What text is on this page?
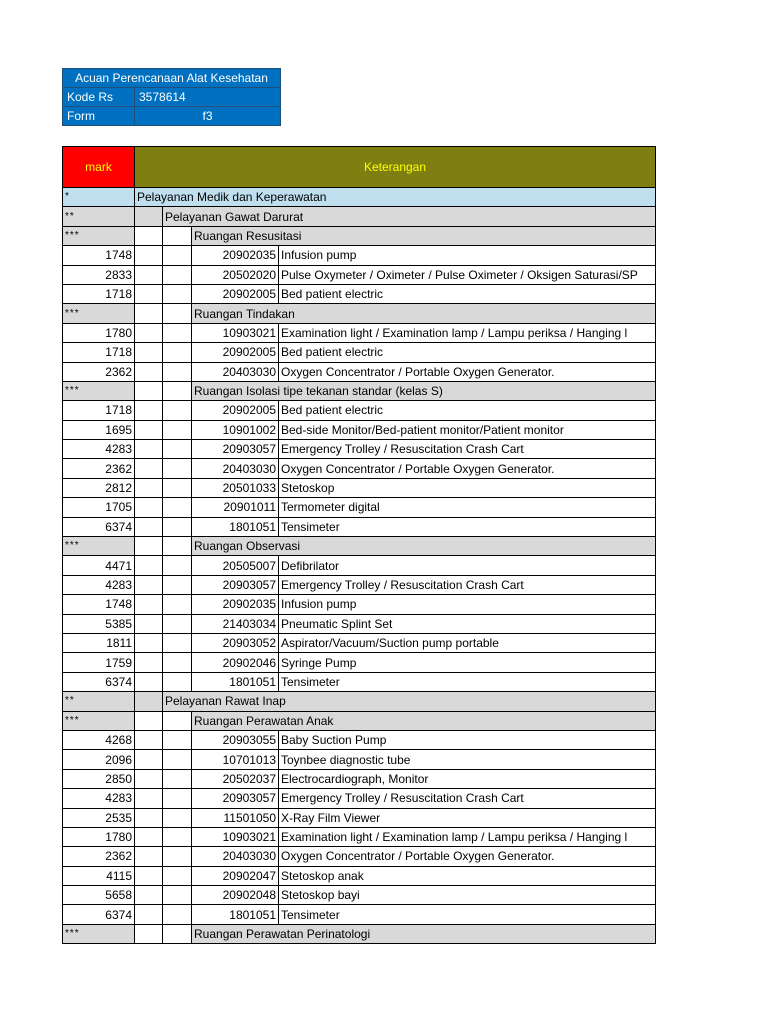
Acuan Perencanaan Alat Kesehatan	
Kode Rs	3578614
Form	f3
mark	Keterangan			
*	Pelayanan Medik dan Keperawatan			
**		Pelayanan Gawat Darurat		
***			Ruangan Resusitasi	
1748			20902035	Infusion pump
2833			20502020	Pulse Oxymeter / Oximeter / Pulse Oximeter / Oksigen Saturasi/SP
1718			20902005	Bed patient electric
***			Ruangan Tindakan	
1780			10903021	Examination light / Examination lamp / Lampu periksa / Hanging l
1718			20902005	Bed patient electric
2362			20403030	Oxygen Concentrator / Portable Oxygen Generator.
***			Ruangan Isolasi tipe tekanan standar (kelas S)	
1718			20902005	Bed patient electric
1695			10901002	Bed-side Monitor/Bed-patient monitor/Patient monitor
4283			20903057	Emergency Trolley / Resuscitation Crash Cart
2362			20403030	Oxygen Concentrator / Portable Oxygen Generator.
2812			20501033	Stetoskop
1705			20901011	Termometer digital
6374			1801051	Tensimeter
***			Ruangan Observasi	
4471			20505007	Defibrilator
4283			20903057	Emergency Trolley / Resuscitation Crash Cart
1748			20902035	Infusion pump
5385			21403034	Pneumatic Splint Set
1811			20903052	Aspirator/Vacuum/Suction pump portable
1759			20902046	Syringe Pump
6374			1801051	Tensimeter
**		Pelayanan Rawat Inap		
***			Ruangan Perawatan Anak	
4268			20903055	Baby Suction Pump
2096			10701013	Toynbee diagnostic tube
2850			20502037	Electrocardiograph, Monitor
4283			20903057	Emergency Trolley / Resuscitation Crash Cart
2535			11501050	X-Ray Film Viewer
1780			10903021	Examination light / Examination lamp / Lampu periksa / Hanging l
2362			20403030	Oxygen Concentrator / Portable Oxygen Generator.
4115			20902047	Stetoskop anak
5658			20902048	Stetoskop bayi
6374			1801051	Tensimeter
***			Ruangan Perawatan Perinatologi	
